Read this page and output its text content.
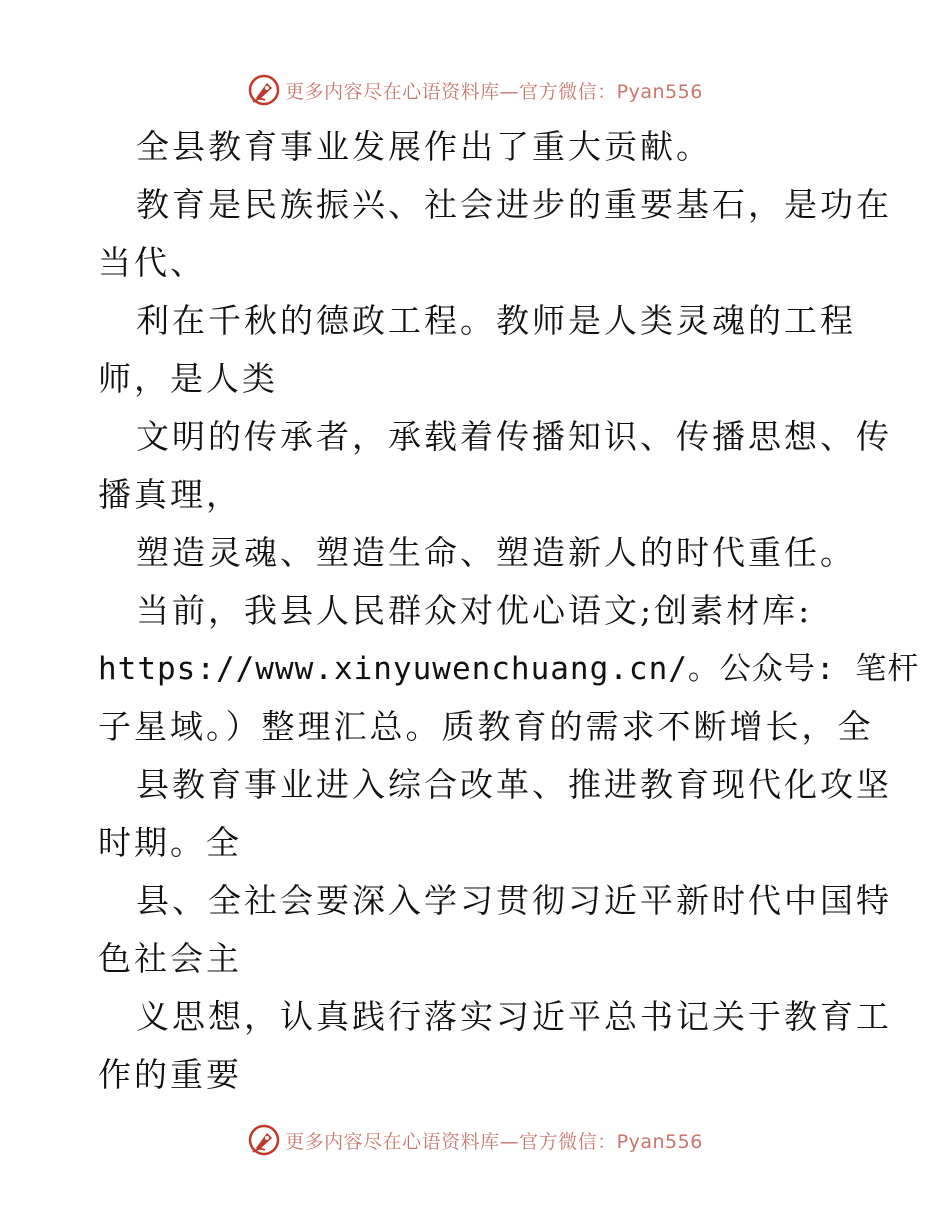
更多内容尽在心语资料库—官方微信：Pyan556
全县教育事业发展作出了重大贡献。
教育是民族振兴、社会进步的重要基石，是功在
当代、
利在千秋的德政工程。教师是人类灵魂的工程
师，是人类
文明的传承者，承载着传播知识、传播思想、传
播真理，
塑造灵魂、塑造生命、塑造新人的时代重任。
当前，我县人民群众对优心语文;创素材库:
https://www.xinyuwenchuang.cn/。公众号: 笔杆
子星域。）整理汇总。质教育的需求不断增长，全
县教育事业进入综合改革、推进教育现代化攻坚
时期。全
县、全社会要深入学习贯彻习近平新时代中国特
色社会主
义思想，认真践行落实习近平总书记关于教育工
作的重要
更多内容尽在心语资料库—官方微信：Pyan556
